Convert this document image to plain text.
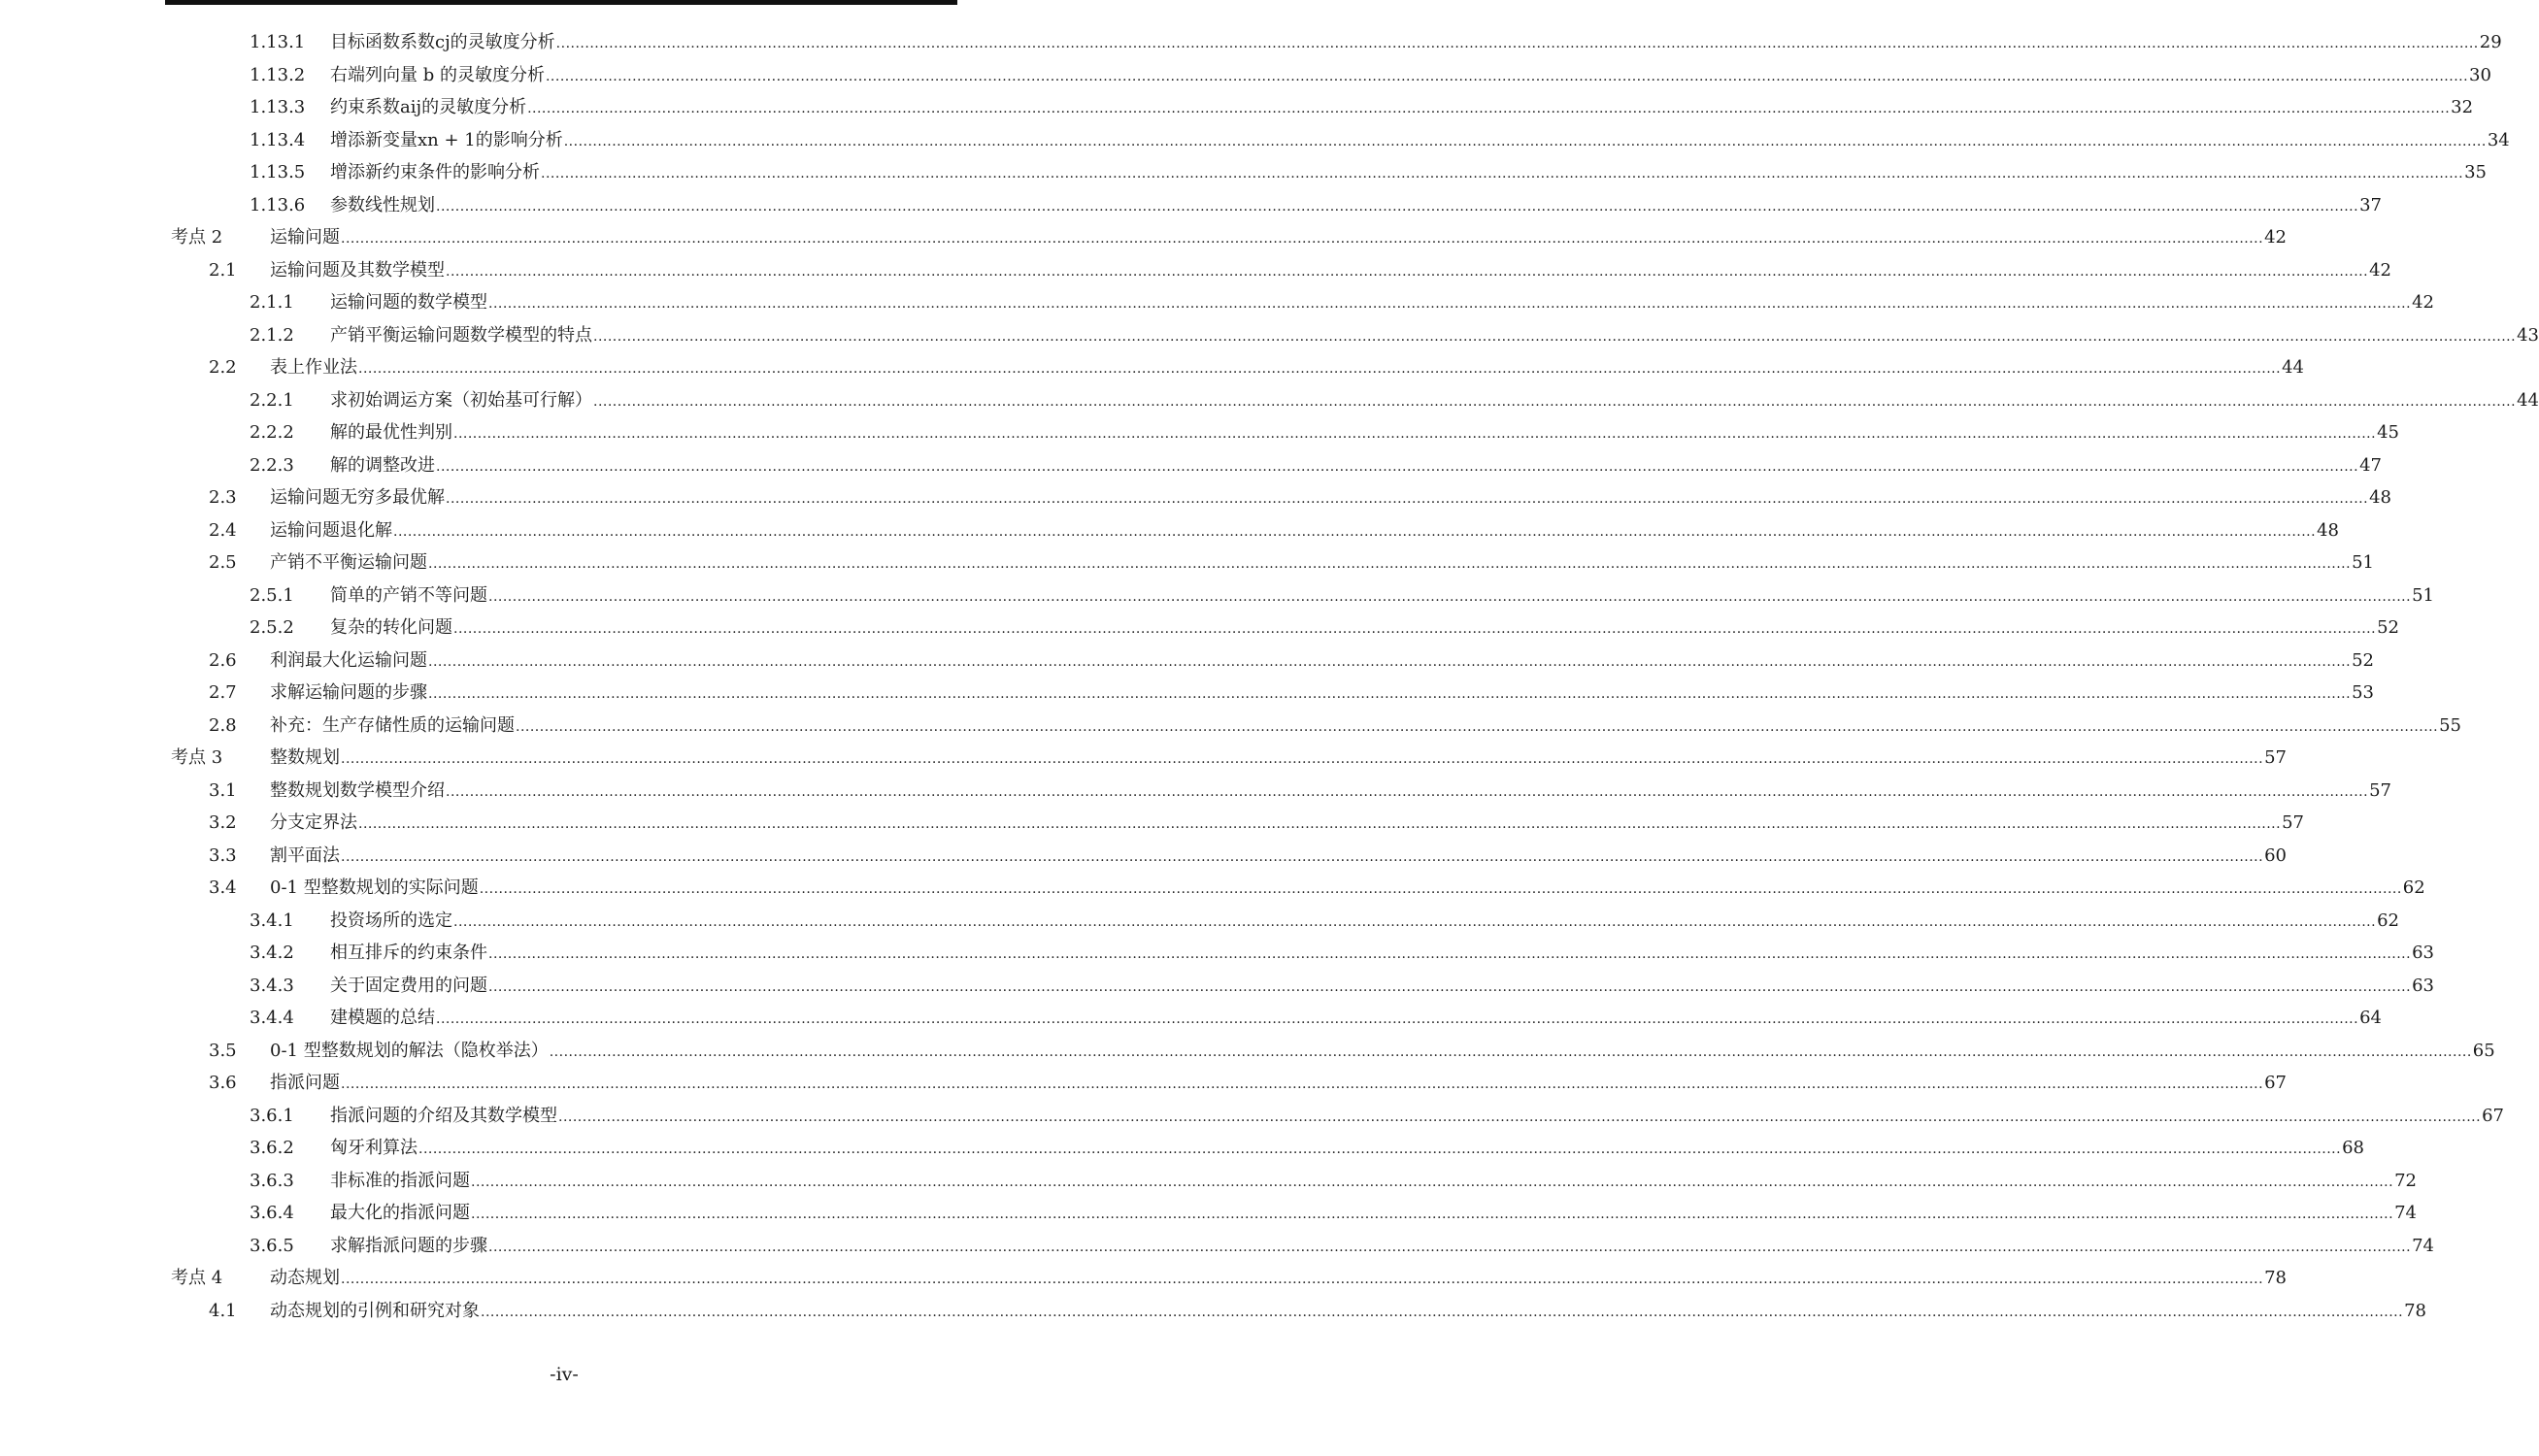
1.13.1 目标函数系数cj的灵敏度分析 ................................................................................................................................................................................................................................................................................................................................................................................................................ 29
1.13.2 右端列向量 b 的灵敏度分析 ................................................................................................................................................................................................................................................................................................................................................................................................................ 30
1.13.3 约束系数aij的灵敏度分析 ................................................................................................................................................................................................................................................................................................................................................................................................................ 32
1.13.4 增添新变量xn + 1的影响分析 ................................................................................................................................................................................................................................................................................................................................................................................................................ 34
1.13.5 增添新约束条件的影响分析 ................................................................................................................................................................................................................................................................................................................................................................................................................ 35
1.13.6 参数线性规划 ................................................................................................................................................................................................................................................................................................................................................................................................................ 37
考点 2	运输问题 ................................................................................................................................................................................................................................................................................................................................................................................................................ 42
2.1 运输问题及其数学模型 ................................................................................................................................................................................................................................................................................................................................................................................................................ 42
2.1.1 运输问题的数学模型 ................................................................................................................................................................................................................................................................................................................................................................................................................ 42
2.1.2 产销平衡运输问题数学模型的特点 ................................................................................................................................................................................................................................................................................................................................................................................................................ 43
2.2 表上作业法 ................................................................................................................................................................................................................................................................................................................................................................................................................ 44
2.2.1 求初始调运方案（初始基可行解） ................................................................................................................................................................................................................................................................................................................................................................................................................ 44
2.2.2 解的最优性判别 ................................................................................................................................................................................................................................................................................................................................................................................................................ 45
2.2.3 解的调整改进 ................................................................................................................................................................................................................................................................................................................................................................................................................ 47
2.3 运输问题无穷多最优解 ................................................................................................................................................................................................................................................................................................................................................................................................................ 48
2.4 运输问题退化解 ................................................................................................................................................................................................................................................................................................................................................................................................................ 48
2.5 产销不平衡运输问题 ................................................................................................................................................................................................................................................................................................................................................................................................................ 51
2.5.1 简单的产销不等问题 ................................................................................................................................................................................................................................................................................................................................................................................................................ 51
2.5.2 复杂的转化问题 ................................................................................................................................................................................................................................................................................................................................................................................................................ 52
2.6 利润最大化运输问题 ................................................................................................................................................................................................................................................................................................................................................................................................................ 52
2.7 求解运输问题的步骤 ................................................................................................................................................................................................................................................................................................................................................................................................................ 53
2.8 补充：生产存储性质的运输问题 ................................................................................................................................................................................................................................................................................................................................................................................................................ 55
考点 3	整数规划 ................................................................................................................................................................................................................................................................................................................................................................................................................ 57
3.1 整数规划数学模型介绍 ................................................................................................................................................................................................................................................................................................................................................................................................................ 57
3.2 分支定界法 ................................................................................................................................................................................................................................................................................................................................................................................................................ 57
3.3 割平面法 ................................................................................................................................................................................................................................................................................................................................................................................................................ 60
3.4 0-1 型整数规划的实际问题 ................................................................................................................................................................................................................................................................................................................................................................................................................ 62
3.4.1 投资场所的选定 ................................................................................................................................................................................................................................................................................................................................................................................................................ 62
3.4.2 相互排斥的约束条件 ................................................................................................................................................................................................................................................................................................................................................................................................................ 63
3.4.3 关于固定费用的问题 ................................................................................................................................................................................................................................................................................................................................................................................................................ 63
3.4.4 建模题的总结 ................................................................................................................................................................................................................................................................................................................................................................................................................ 64
3.5 0-1 型整数规划的解法（隐枚举法） ................................................................................................................................................................................................................................................................................................................................................................................................................ 65
3.6 指派问题 ................................................................................................................................................................................................................................................................................................................................................................................................................ 67
3.6.1 指派问题的介绍及其数学模型 ................................................................................................................................................................................................................................................................................................................................................................................................................ 67
3.6.2 匈牙利算法 ................................................................................................................................................................................................................................................................................................................................................................................................................ 68
3.6.3 非标准的指派问题 ................................................................................................................................................................................................................................................................................................................................................................................................................ 72
3.6.4 最大化的指派问题 ................................................................................................................................................................................................................................................................................................................................................................................................................ 74
3.6.5 求解指派问题的步骤 ................................................................................................................................................................................................................................................................................................................................................................................................................ 74
考点 4	动态规划 ................................................................................................................................................................................................................................................................................................................................................................................................................ 78
4.1 动态规划的引例和研究对象 ................................................................................................................................................................................................................................................................................................................................................................................................................ 78
-iv-
